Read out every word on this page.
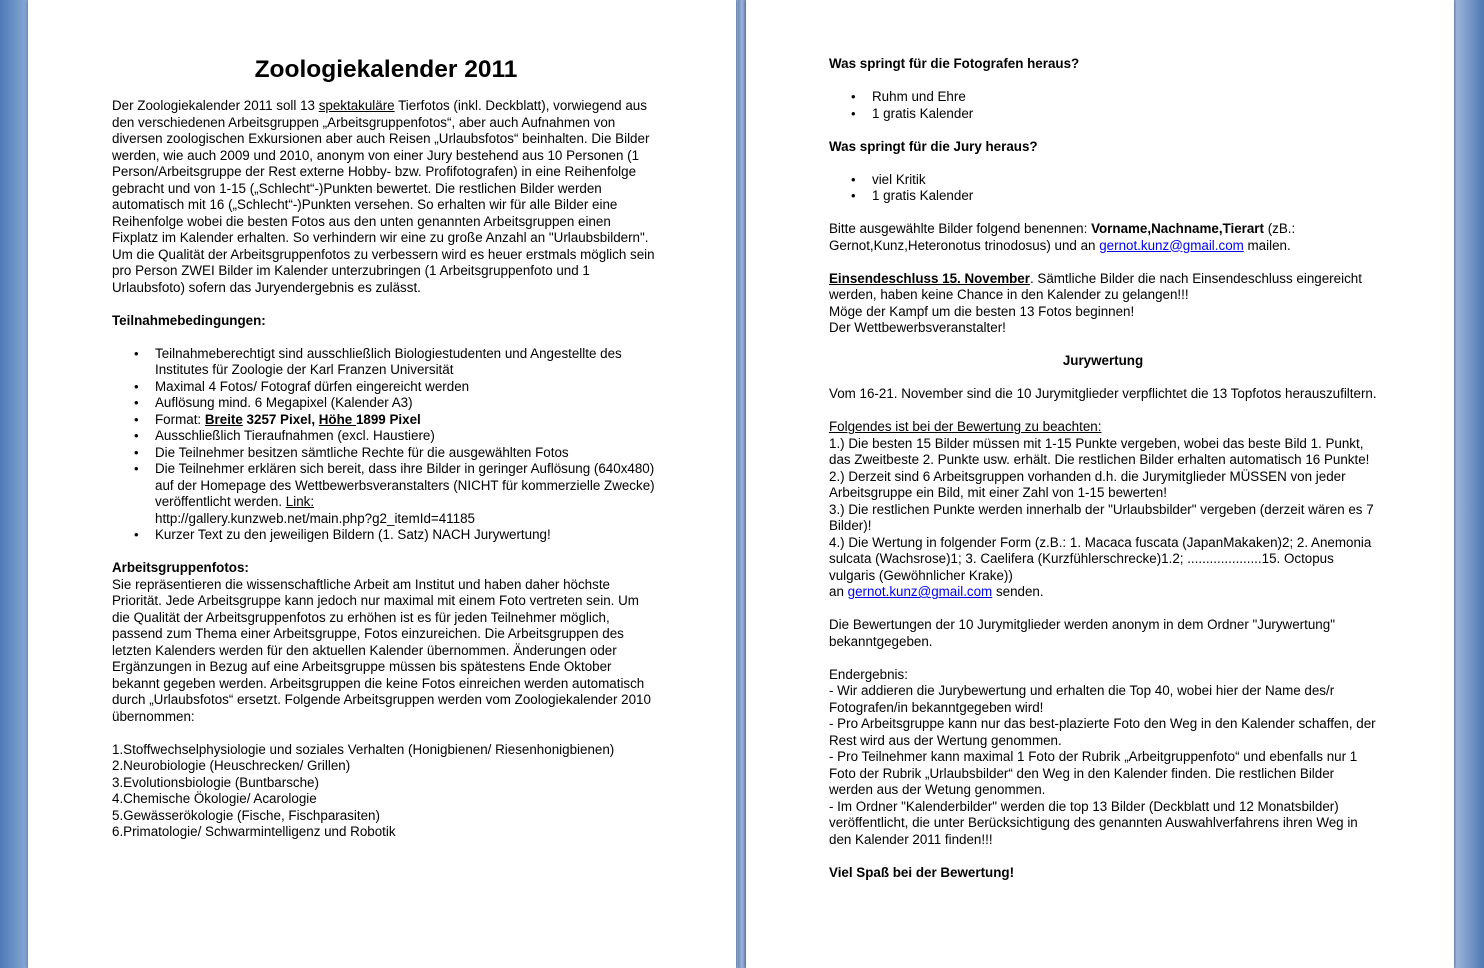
Zoologiekalender 2011

Der Zoologiekalender 2011 soll 13 spektakuläre Tierfotos (inkl. Deckblatt), vorwiegend aus den verschiedenen Arbeitsgruppen „Arbeitsgruppenfotos“, aber auch Aufnahmen von diversen zoologischen Exkursionen aber auch Reisen „Urlaubsfotos“ beinhalten. Die Bilder werden, wie auch 2009 und 2010, anonym von einer Jury bestehend aus 10 Personen (1 Person/Arbeitsgruppe der Rest externe Hobby- bzw. Profifotografen) in eine Reihenfolge gebracht und von 1-15 („Schlecht“-)Punkten bewertet. Die restlichen Bilder werden automatisch mit 16 („Schlecht“-)Punkten versehen. So erhalten wir für alle Bilder eine Reihenfolge wobei die besten Fotos aus den unten genannten Arbeitsgruppen einen Fixplatz im Kalender erhalten. So verhindern wir eine zu große Anzahl an "Urlaubsbildern". Um die Qualität der Arbeitsgruppenfotos zu verbessern wird es heuer erstmals möglich sein pro Person ZWEI Bilder im Kalender unterzubringen (1 Arbeitsgruppenfoto und 1 Urlaubsfoto) sofern das Juryendergebnis es zulässt.

Teilnahmebedingungen:

• Teilnahmeberechtigt sind ausschließlich Biologiestudenten und Angestellte des Institutes für Zoologie der Karl Franzen Universität
• Maximal 4 Fotos/ Fotograf dürfen eingereicht werden
• Auflösung mind. 6 Megapixel (Kalender A3)
• Format: Breite 3257 Pixel, Höhe 1899 Pixel
• Ausschließlich Tieraufnahmen (excl. Haustiere)
• Die Teilnehmer besitzen sämtliche Rechte für die ausgewählten Fotos
• Die Teilnehmer erklären sich bereit, dass ihre Bilder in geringer Auflösung (640x480) auf der Homepage des Wettbewerbsveranstalters (NICHT für kommerzielle Zwecke) veröffentlicht werden. Link:
http://gallery.kunzweb.net/main.php?g2_itemId=41185
• Kurzer Text zu den jeweiligen Bildern (1. Satz) NACH Jurywertung!

Arbeitsgruppenfotos:

Sie repräsentieren die wissenschaftliche Arbeit am Institut und haben daher höchste Priorität. Jede Arbeitsgruppe kann jedoch nur maximal mit einem Foto vertreten sein. Um die Qualität der Arbeitsgruppenfotos zu erhöhen ist es für jeden Teilnehmer möglich, passend zum Thema einer Arbeitsgruppe, Fotos einzureichen. Die Arbeitsgruppen des letzten Kalenders werden für den aktuellen Kalender übernommen. Änderungen oder Ergänzungen in Bezug auf eine Arbeitsgruppe müssen bis spätestens Ende Oktober bekannt gegeben werden. Arbeitsgruppen die keine Fotos einreichen werden automatisch durch „Urlaubsfotos“ ersetzt. Folgende Arbeitsgruppen werden vom Zoologiekalender 2010 übernommen:

1.Stoffwechselphysiologie und soziales Verhalten (Honigbienen/ Riesenhonigbienen)

2.Neurobiologie (Heuschrecken/ Grillen)

3.Evolutionsbiologie (Buntbarsche)

4.Chemische Ökologie/ Acarologie

5.Gewässerökologie (Fische, Fischparasiten)

6.Primatologie/ Schwarmintelligenz und Robotik

Was springt für die Fotografen heraus?

• Ruhm und Ehre
• 1 gratis Kalender

Was springt für die Jury heraus?

• viel Kritik
• 1 gratis Kalender

Bitte ausgewählte Bilder folgend benennen: Vorname,Nachname,Tierart (zB.: Gernot,Kunz,Heteronotus trinodosus) und an gernot.kunz@gmail.com mailen.

Einsendeschluss 15. November. Sämtliche Bilder die nach Einsendeschluss eingereicht werden, haben keine Chance in den Kalender zu gelangen!!!

Möge der Kampf um die besten 13 Fotos beginnen!

Der Wettbewerbsveranstalter!

Jurywertung

Vom 16-21. November sind die 10 Jurymitglieder verpflichtet die 13 Topfotos herauszufiltern.

Folgendes ist bei der Bewertung zu beachten:

1.) Die besten 15 Bilder müssen mit 1-15 Punkte vergeben, wobei das beste Bild 1. Punkt, das Zweitbeste 2. Punkte usw. erhält. Die restlichen Bilder erhalten automatisch 16 Punkte!

2.) Derzeit sind 6 Arbeitsgruppen vorhanden d.h. die Jurymitglieder MÜSSEN von jeder Arbeitsgruppe ein Bild, mit einer Zahl von 1-15 bewerten!

3.) Die restlichen Punkte werden innerhalb der "Urlaubsbilder" vergeben (derzeit wären es 7 Bilder)!

4.) Die Wertung in folgender Form (z.B.: 1. Macaca fuscata (JapanMakaken)2; 2. Anemonia sulcata (Wachsrose)1; 3. Caelifera (Kurzfühlerschrecke)1.2; ....................15. Octopus vulgaris (Gewöhnlicher Krake))

an gernot.kunz@gmail.com senden.

Die Bewertungen der 10 Jurymitglieder werden anonym in dem Ordner "Jurywertung" bekanntgegeben.

Endergebnis:

- Wir addieren die Jurybewertung und erhalten die Top 40, wobei hier der Name des/r Fotografen/in bekanntgegeben wird!

- Pro Arbeitsgruppe kann nur das best-plazierte Foto den Weg in den Kalender schaffen, der Rest wird aus der Wertung genommen.

- Pro Teilnehmer kann maximal 1 Foto der Rubrik „Arbeitgruppenfoto“ und ebenfalls nur 1 Foto der Rubrik „Urlaubsbilder“ den Weg in den Kalender finden. Die restlichen Bilder werden aus der Wetung genommen.

- Im Ordner "Kalenderbilder" werden die top 13 Bilder (Deckblatt und 12 Monatsbilder) veröffentlicht, die unter Berücksichtigung des genannten Auswahlverfahrens ihren Weg in den Kalender 2011 finden!!!

Viel Spaß bei der Bewertung!
